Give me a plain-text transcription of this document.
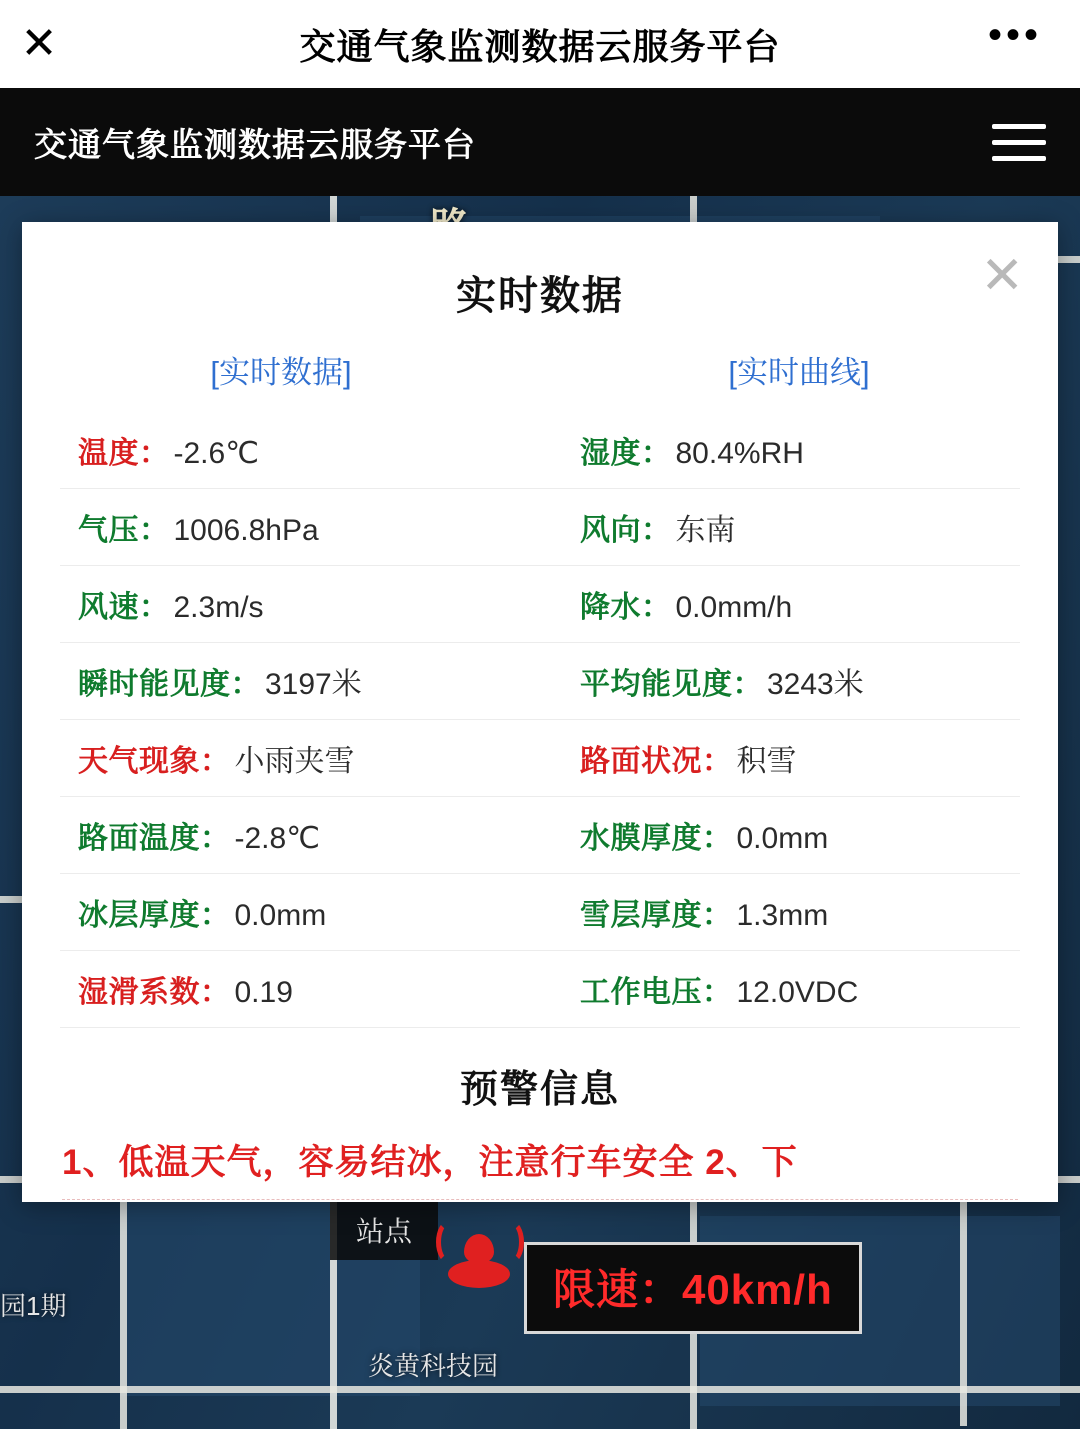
✕	交通气象监测数据云服务平台	•••
交通气象监测数据云服务平台
园1期
炎黄科技园
站点
限速：40km/h
✕
实时数据
[实时数据]	[实时曲线]
温度： -2.6℃	湿度： 80.4%RH
气压： 1006.8hPa	风向： 东南
风速： 2.3m/s	降水： 0.0mm/h
瞬时能见度： 3197米	平均能见度： 3243米
天气现象： 小雨夹雪	路面状况： 积雪
路面温度： -2.8℃	水膜厚度： 0.0mm
冰层厚度： 0.0mm	雪层厚度： 1.3mm
湿滑系数： 0.19	工作电压： 12.0VDC
预警信息
1、低温天气，容易结冰，注意行车安全 2、下
